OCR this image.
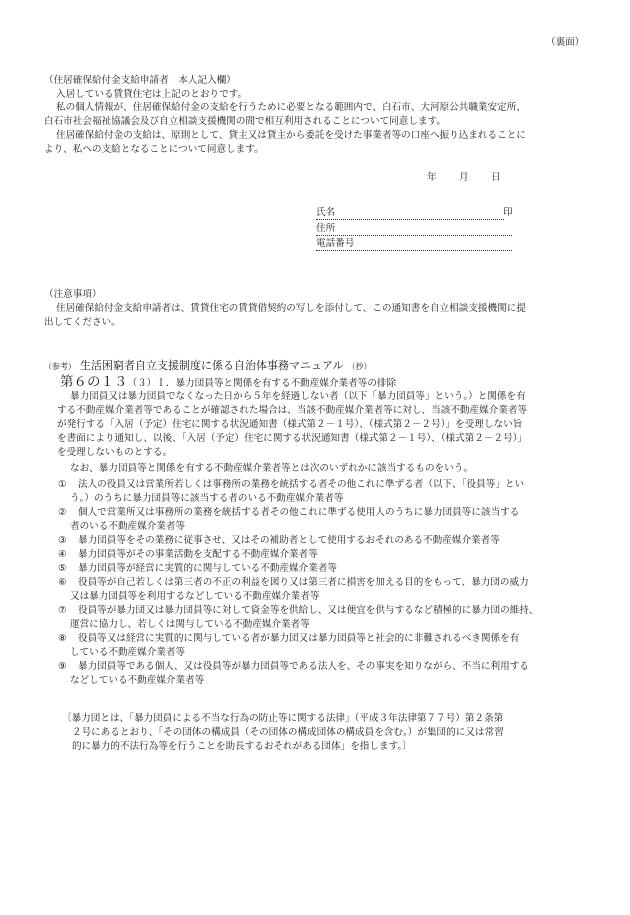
（裏面）
（住居確保給付金支給申請者　本人記入欄）
入居している賃貸住宅は上記のとおりです。
私の個人情報が、住居確保給付金の支給を行うために必要となる範囲内で、白石市、大河原公共職業安定所、
白石市社会福祉協議会及び自立相談支援機関の間で相互利用されることについて同意します。
住居確保給付金の支給は、原則として、貸主又は貸主から委託を受けた事業者等の口座へ振り込まれることに
より、私への支給となることについて同意します。
年 月 日
氏名	印
住所
電話番号
（注意事項）
住居確保給付金支給申請者は、賃貸住宅の賃貸借契約の写しを添付して、この通知書を自立相談支援機関に提
出してください。
（参考） 生活困窮者自立支援制度に係る自治体事務マニュアル （抄）
第６の１３（３）Ｉ．暴力団員等と関係を有する不動産媒介業者等の排除
暴力団員又は暴力団員でなくなった日から５年を経過しない者（以下「暴力団員等」という。）と関係を有
する不動産媒介業者等であることが確認された場合は、当該不動産媒介業者等に対し、当該不動産媒介業者等
が発行する「入居（予定）住宅に関する状況通知書（様式第２－１号）、（様式第２－２号）」を受理しない旨
を書面により通知し、以後、「入居（予定）住宅に関する状況通知書（様式第２－１号）、（様式第２－２号）」
を受理しないものとする。
なお、暴力団員等と関係を有する不動産媒介業者等とは次のいずれかに該当するものをいう。
① 法人の役員又は営業所若しくは事務所の業務を統括する者その他これに準ずる者（以下、「役員等」とい
う。）のうちに暴力団員等に該当する者のいる不動産媒介業者等
② 個人で営業所又は事務所の業務を統括する者その他これに準ずる使用人のうちに暴力団員等に該当する
者のいる不動産媒介業者等
③ 暴力団員等をその業務に従事させ、又はその補助者として使用するおそれのある不動産媒介業者等
④ 暴力団員等がその事業活動を支配する不動産媒介業者等
⑤ 暴力団員等が経営に実質的に関与している不動産媒介業者等
⑥ 役員等が自己若しくは第三者の不正の利益を図り又は第三者に損害を加える目的をもって、暴力団の威力
又は暴力団員等を利用するなどしている不動産媒介業者等
⑦ 役員等が暴力団又は暴力団員等に対して資金等を供給し、又は便宜を供与するなど積極的に暴力団の維持、
運営に協力し、若しくは関与している不動産媒介業者等
⑧ 役員等又は経営に実質的に関与している者が暴力団又は暴力団員等と社会的に非難されるべき関係を有
している不動産媒介業者等
⑨ 暴力団員等である個人、又は役員等が暴力団員等である法人を、その事実を知りながら、不当に利用する
などしている不動産媒介業者等
〔暴力団とは、「暴力団員による不当な行為の防止等に関する法律」（平成３年法律第７７号）第２条第
２号にあるとおり、「その団体の構成員（その団体の構成団体の構成員を含む。）が集団的に又は常習
的に暴力的不法行為等を行うことを助長するおそれがある団体」を指します。〕
